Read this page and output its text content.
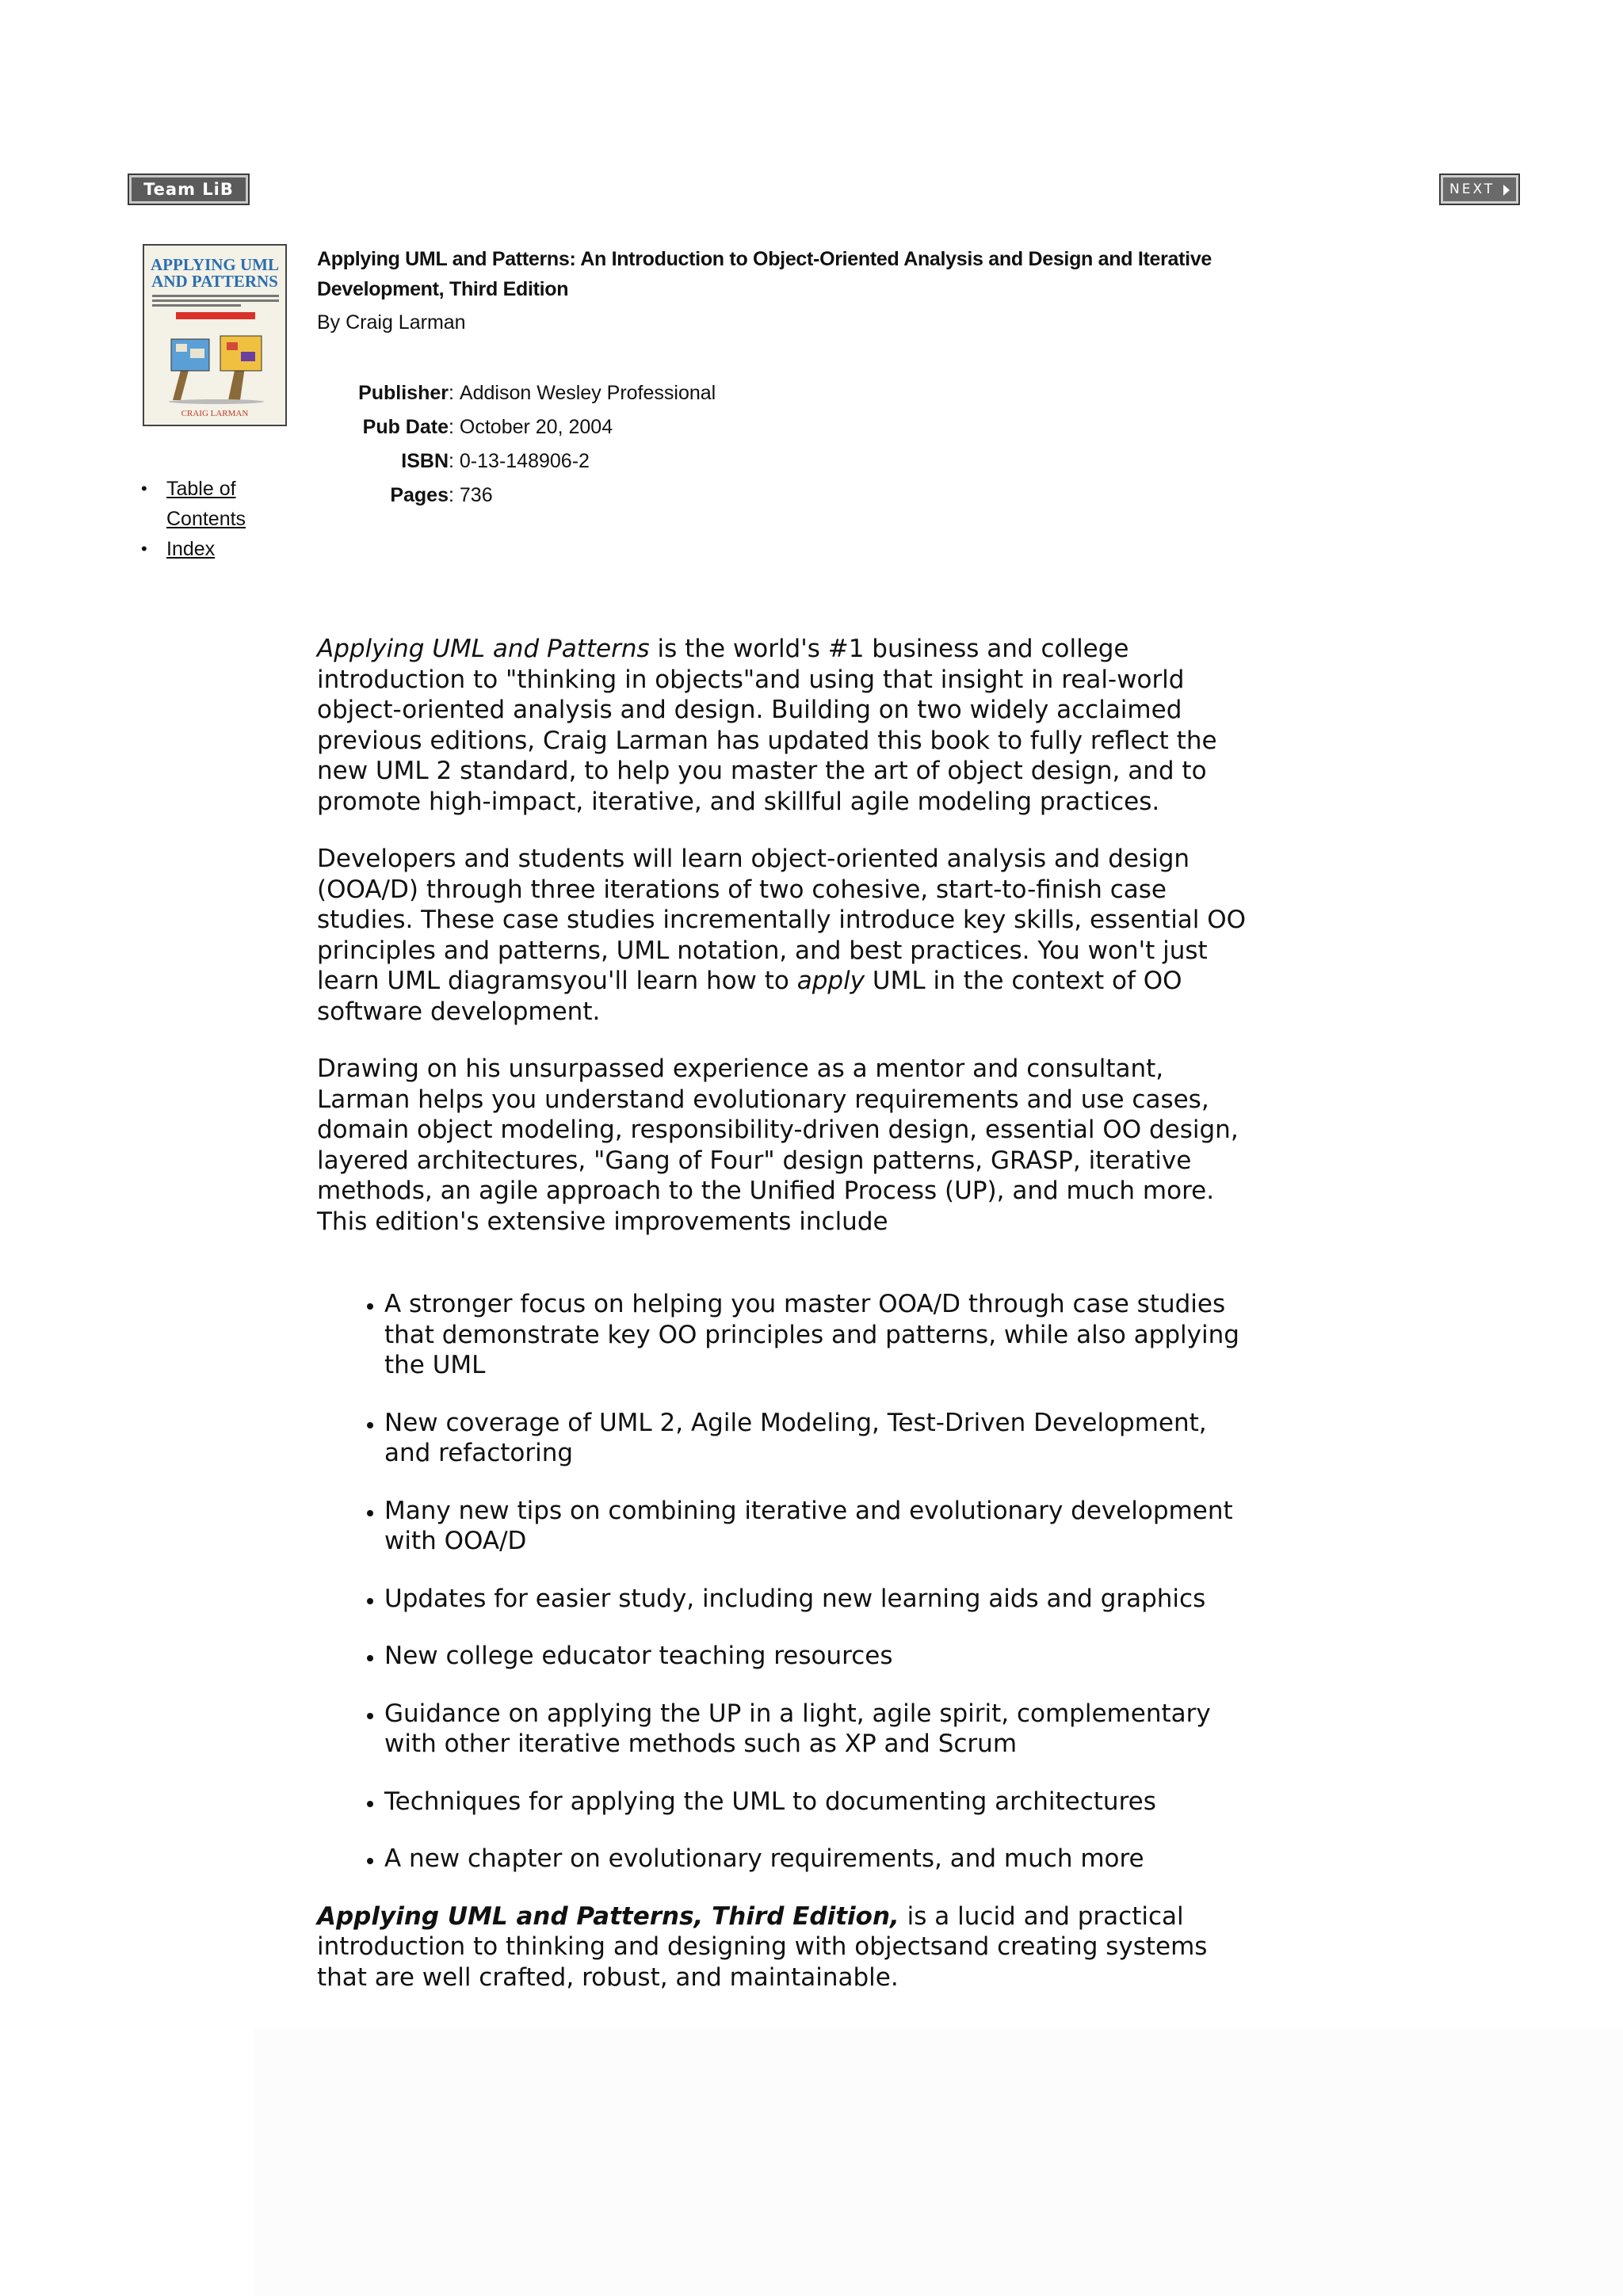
Team LiB	NEXT
APPLYING UML
AND PATTERNS
CRAIG LARMAN
• Table of Contents
• Index
Applying UML and Patterns: An Introduction to Object-Oriented Analysis and Design and Iterative Development, Third Edition
By Craig Larman
Publisher : Addison Wesley Professional
Pub Date : October 20, 2004
ISBN : 0-13-148906-2
Pages : 736

Applying UML and Patterns is the world's #1 business and college introduction to "thinking in objects"and using that insight in real-world object-oriented analysis and design. Building on two widely acclaimed previous editions, Craig Larman has updated this book to fully reflect the new UML 2 standard, to help you master the art of object design, and to promote high-impact, iterative, and skillful agile modeling practices.

Developers and students will learn object-oriented analysis and design (OOA/D) through three iterations of two cohesive, start-to-finish case studies. These case studies incrementally introduce key skills, essential OO principles and patterns, UML notation, and best practices. You won't just learn UML diagramsyou'll learn how to apply UML in the context of OO software development.

Drawing on his unsurpassed experience as a mentor and consultant, Larman helps you understand evolutionary requirements and use cases, domain object modeling, responsibility-driven design, essential OO design, layered architectures, "Gang of Four" design patterns, GRASP, iterative methods, an agile approach to the Unified Process (UP), and much more. This edition's extensive improvements include

• A stronger focus on helping you master OOA/D through case studies that demonstrate key OO principles and patterns, while also applying the UML
• New coverage of UML 2, Agile Modeling, Test-Driven Development, and refactoring
• Many new tips on combining iterative and evolutionary development with OOA/D
• Updates for easier study, including new learning aids and graphics
• New college educator teaching resources
• Guidance on applying the UP in a light, agile spirit, complementary with other iterative methods such as XP and Scrum
• Techniques for applying the UML to documenting architectures
• A new chapter on evolutionary requirements, and much more

Applying UML and Patterns, Third Edition, is a lucid and practical introduction to thinking and designing with objectsand creating systems that are well crafted, robust, and maintainable.
